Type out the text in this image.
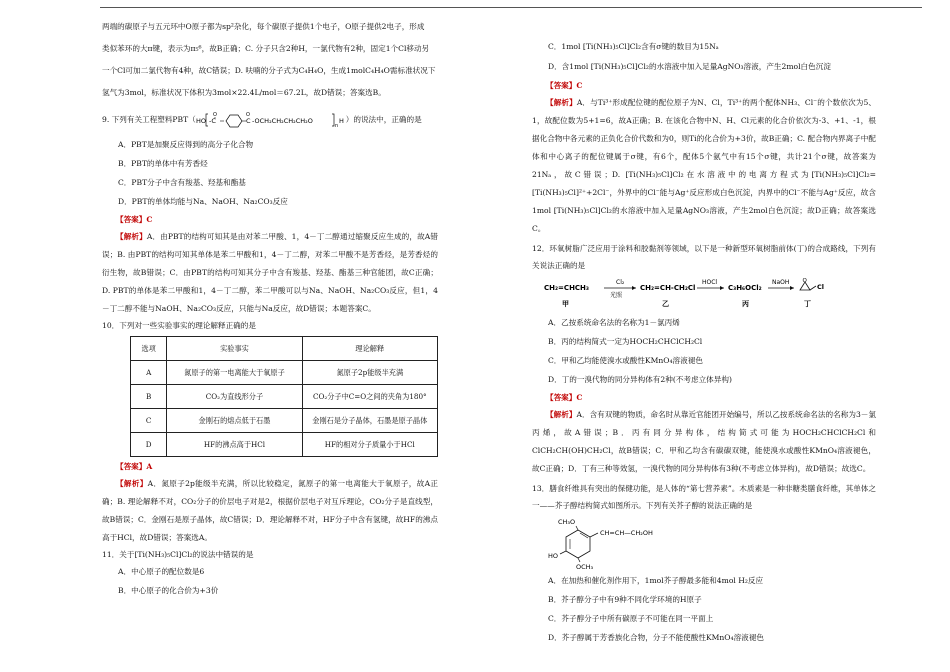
两端的碳原子与五元环中O原子都为sp²杂化，每个碳原子提供1个电子，O原子提供2电子，形成

类似苯环的大π键，表示为π₅⁶，故B正确；C. 分子只含2种H，一氯代物有2种，固定1个Cl移动另

一个Cl可加二氯代物有4种，故C错误；D. 呋喃的分子式为C₄H₄O，生成1molC₄H₄O需标准状况下

氢气为3mol，标准状况下体积为3mol×22.4L/mol＝67.2L，故D错误；答案选B。

9. 下列有关工程塑料PBT（ HO -C
O
C
O
-OCH₂CH₂CH₂CH₂O
n
H ）的说法中，正确的是

A．PBT是加聚反应得到的高分子化合物

B．PBT的单体中有芳香烃

C．PBT分子中含有羧基、羟基和酯基

D．PBT的单体均能与Na、NaOH、Na₂CO₃反应

【答案】C

【解析】A．由PBT的结构可知其是由对苯二甲酸、1，4－丁二醇通过缩聚反应生成的，故A错误；B. 由PBT的结构可知其单体是苯二甲酸和1，4－丁二醇，对苯二甲酸不是芳香烃，是芳香烃的衍生物，故B错误；C．由PBT的结构可知其分子中含有羧基、羟基、酯基三种官能团，故C正确；D. PBT的单体是苯二甲酸和1，4－丁二醇，苯二甲酸可以与Na、NaOH、Na₂CO₃反应，但1，4－丁二醇不能与NaOH、Na₂CO₃反应，只能与Na反应，故D错误；本题答案C。

10．下列对一些实验事实的理论解释正确的是

选项	实验事实	理论解释
A	氮原子的第一电离能大于氧原子	氮原子2p能级半充满
B	CO₂为直线形分子	CO₂分子中C=O之间的夹角为180°
C	金刚石的熔点低于石墨	金刚石是分子晶体，石墨是原子晶体
D	HF的沸点高于HCl	HF的相对分子质量小于HCl

【答案】A

【解析】A．氮原子2p能级半充满，所以比较稳定，氮原子的第一电离能大于氧原子，故A正确；B. 理论解释不对，CO₂分子的价层电子对是2，根据价层电子对互斥理论，CO₂分子是直线型，故B错误；C．金刚石是原子晶体，故C错误；D．理论解释不对，HF分子中含有氢键，故HF的沸点高于HCl，故D错误；答案选A。

11．关于[Ti(NH₃)₅Cl]Cl₂的说法中错误的是

A．中心原子的配位数是6

B．中心原子的化合价为+3价

C．1mol [Ti(NH₃)₅Cl]Cl₂含有σ键的数目为15Nₐ

D．含1mol [Ti(NH₃)₅Cl]Cl₂的水溶液中加入足量AgNO₃溶液，产生2mol白色沉淀

【答案】C

【解析】A．与Ti³⁺形成配位键的配位原子为N、Cl，Ti³⁺的两个配体NH₃、Cl⁻的个数依次为5、1，故配位数为5+1=6，故A正确；B. 在该化合物中N、H、Cl元素的化合价依次为-3、+1、-1，根据化合物中各元素的正负化合价代数和为0，则Ti的化合价为+3价，故B正确；C. 配合物内界离子中配体和中心离子的配位键属于σ键，有6个，配体5个氨气中有15个σ键，共计21个σ键，故答案为21Nₐ，故C错误；D. [Ti(NH₃)₅Cl]Cl₂在水溶液中的电离方程式为[Ti(NH₃)₅Cl]Cl₂=[Ti(NH₃)₅Cl]²⁺+2Cl⁻，外界中的Cl⁻能与Ag⁺反应形成白色沉淀，内界中的Cl⁻不能与Ag⁺反应，故含1mol [Ti(NH₃)₅Cl]Cl₂的水溶液中加入足量AgNO₃溶液，产生2mol白色沉淀；故D正确；故答案选C。

12．环氧树脂广泛应用于涂料和胶黏剂等领域，以下是一种新型环氧树脂前体(丁)的合成路线，下列有关说法正确的是

CH₂=CHCH₃
甲
Cl₂
光照
CH₂=CH-CH₂Cl
乙
HOCl
C₃H₆OCl₂
丙
NaOH O
Cl
丁

A．乙按系统命名法的名称为1－氯丙烯

B．丙的结构简式一定为HOCH₂CHClCH₂Cl

C．甲和乙均能使溴水或酸性KMnO₄溶液褪色

D．丁的一溴代物的同分异构体有2种(不考虑立体异构)

【答案】C

【解析】A．含有双键的物质，命名时从靠近官能团开始编号，所以乙按系统命名法的名称为3－氯丙烯，故A错误；B．丙有同分异构体，结构简式可能为HOCH₂CHClCH₂Cl和ClCH₂CH(OH)CH₂Cl，故B错误；C．甲和乙均含有碳碳双键，能使溴水或酸性KMnO₄溶液褪色，故C正确；D．丁有三种等效氢，一溴代物的同分异构体有3种(不考虑立体异构)，故D错误；故选C。

13．膳食纤维具有突出的保健功能，是人体的“第七营养素”。木质素是一种非糖类膳食纤维，其单体之一——芥子醇结构简式如图所示。下列有关芥子醇的说法正确的是

CH₃O
CH=CH—CH₂OH
HO
OCH₃

A．在加热和催化剂作用下，1mol芥子醇最多能和4mol H₂反应

B．芥子醇分子中有9种不同化学环境的H原子

C．芥子醇分子中所有碳原子不可能在同一平面上

D．芥子醇属于芳香族化合物，分子不能使酸性KMnO₄溶液褪色
